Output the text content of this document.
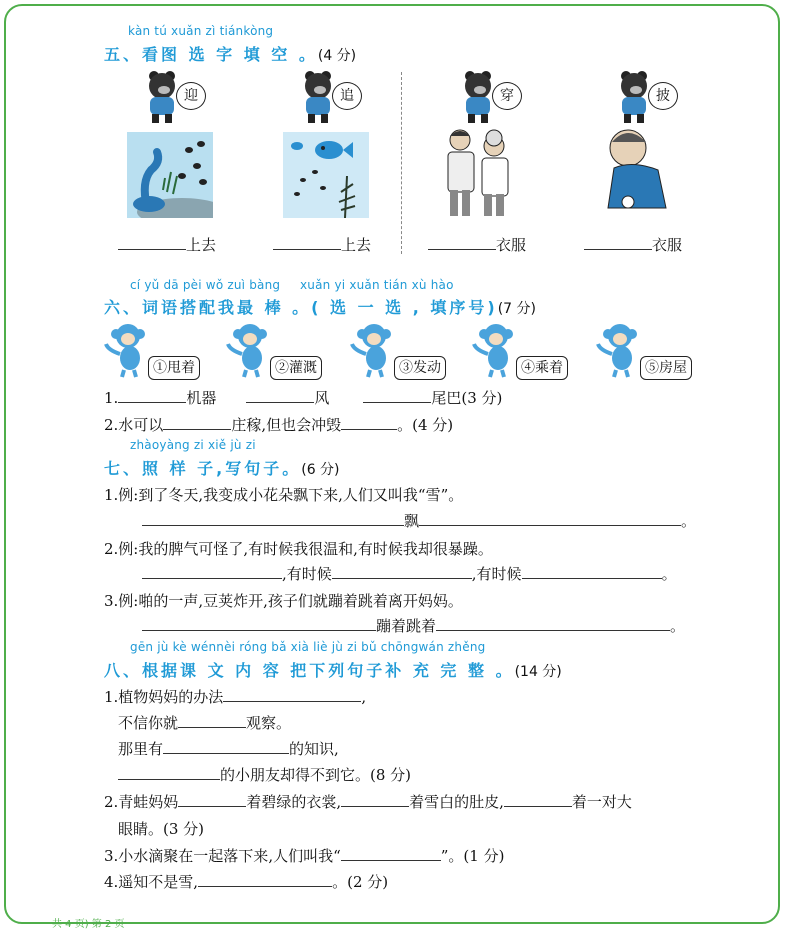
kàn tú xuǎn zì tiánkòng
五、看图 选 字 填 空 。(4 分)
迎	追	穿	披
上去	上去	衣服	衣服
cí yǔ dā pèi wǒ zuì bàng xuǎn yi xuǎn tián xù hào
六、词语搭配我最 棒 。( 选 一 选 , 填序号)(7 分)
①甩着	②灌溉	③发动	④乘着	⑤房屋
1.	机器	风	尾巴(3 分)
2.水可以	庄稼,但也会冲毁	。(4 分)
zhàoyàng zi xiě jù zi
七、照 样 子,写句子。(6 分)
1.例:到了冬天,我变成小花朵飘下来,人们又叫我“雪”。
飘	。
2.例:我的脾气可怪了,有时候我很温和,有时候我却很暴躁。
,有时候	,有时候	。
3.例:啪的一声,豆荚炸开,孩子们就蹦着跳着离开妈妈。
蹦着跳着	。
gēn jù kè wénnèi róng bǎ xià liè jù zi bǔ chōngwán zhěng
八、根据课 文 内 容 把下列句子补 充 完 整 。(14 分)
1.植物妈妈的办法	,
不信你就	观察。
那里有	的知识,
的小朋友却得不到它。(8 分)
2.青蛙妈妈	着碧绿的衣裳,	着雪白的肚皮,	着一对大
眼睛。(3 分)
3.小水滴聚在一起落下来,人们叫我“	”。(1 分)
4.遥知不是雪,	。(2 分)
共 4 页) 第 2 页
